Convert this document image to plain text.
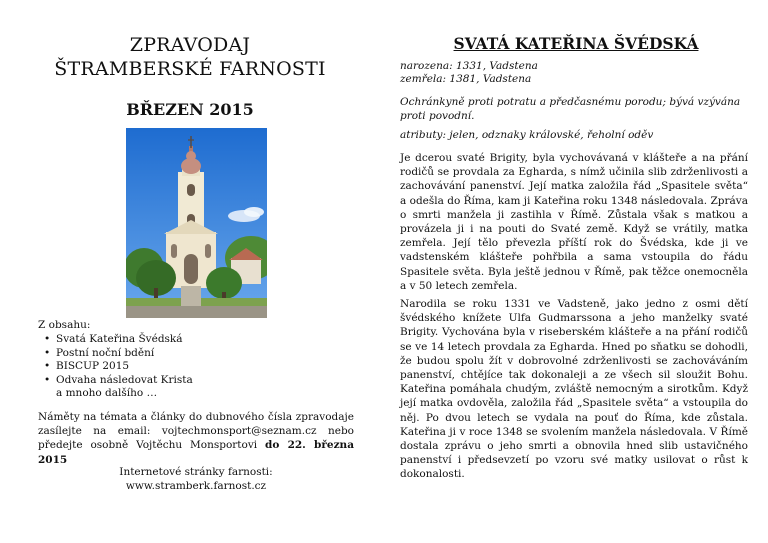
ZPRAVODAJ
ŠTRAMBERSKÉ FARNOSTI
BŘEZEN 2015
Z obsahu:
• Svatá Kateřina Švédská
• Postní noční bdění
• BISCUP 2015
• Odvaha následovat Krista
a mnoho dalšího …
Náměty na témata a články do dubnového čísla zpravodaje zasílejte na email: vojtechmonsport@seznam.cz nebo předejte osobně Vojtěchu Monsportovi do 22. března 2015
Internetové stránky farnosti:
www.stramberk.farnost.cz
SVATÁ KATEŘINA ŠVÉDSKÁ
narozena: 1331, Vadstena
zemřela: 1381, Vadstena
Ochránkyně proti potratu a předčasnému porodu; bývá vzývána proti povodní.
atributy: jelen, odznaky královské, řeholní oděv
Je dcerou svaté Brigity, byla vychovávaná v klášteře a na přání rodičů se provdala za Egharda, s nímž učinila slib zdrženlivosti a zachovávání panenství. Její matka založila řád „Spasitele světa“ a odešla do Říma, kam ji Kateřina roku 1348 následovala. Zpráva o smrti manžela ji zastihla v Římě. Zůstala však s matkou a provázela ji i na pouti do Svaté země. Když se vrátily, matka zemřela. Její tělo převezla příští rok do Švédska, kde ji ve vadstenském klášteře pohřbila a sama vstoupila do řádu Spasitele světa. Byla ještě jednou v Římě, pak těžce onemocněla a v 50 letech zemřela.
Narodila se roku 1331 ve Vadsteně, jako jedno z osmi dětí švédského knížete Ulfa Gudmarssona a jeho manželky svaté Brigity. Vychována byla v riseberském klášteře a na přání rodičů se ve 14 letech provdala za Egharda. Hned po sňatku se dohodli, že budou spolu žít v dobrovolné zdrženlivosti se zachováváním panenství, chtějíce tak dokonaleji a ze všech sil sloužit Bohu. Kateřina pomáhala chudým, zvláště nemocným a sirotkům. Když její matka ovdověla, založila řád „Spasitele světa“ a vstoupila do něj. Po dvou letech se vydala na pouť do Říma, kde zůstala. Kateřina ji v roce 1348 se svolením manžela následovala. V Římě dostala zprávu o jeho smrti a obnovila hned slib ustavičného panenství i předsevzetí po vzoru své matky usilovat o růst k dokonalosti.
